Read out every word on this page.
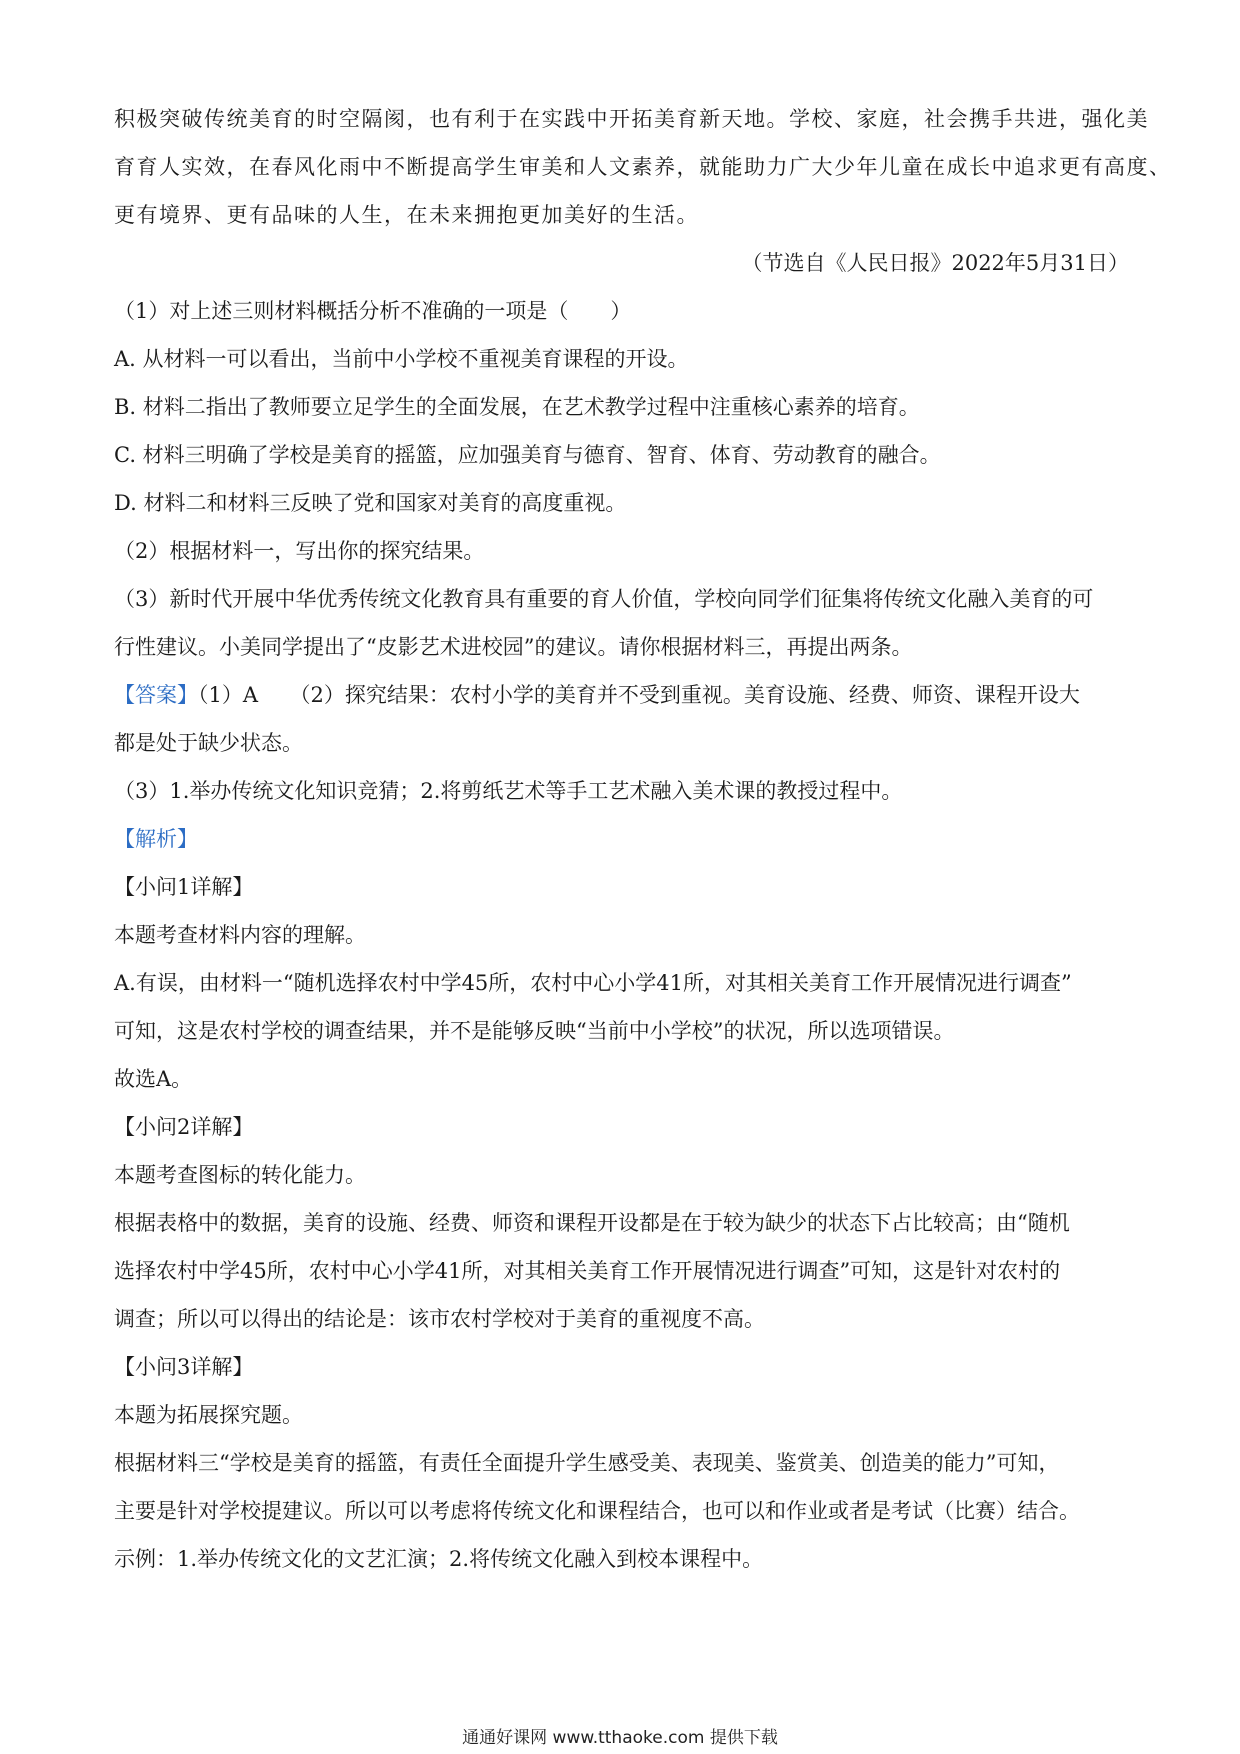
积极突破传统美育的时空隔阂，也有利于在实践中开拓美育新天地。学校、家庭，社会携手共进，强化美

育育人实效，在春风化雨中不断提高学生审美和人文素养，就能助力广大少年儿童在成长中追求更有高度、

更有境界、更有品味的人生，在未来拥抱更加美好的生活。

（节选自《人民日报》2022年5月31日）

（1）对上述三则材料概括分析不准确的一项是（　　）

A. 从材料一可以看出，当前中小学校不重视美育课程的开设。

B. 材料二指出了教师要立足学生的全面发展，在艺术教学过程中注重核心素养的培育。

C. 材料三明确了学校是美育的摇篮，应加强美育与德育、智育、体育、劳动教育的融合。

D. 材料二和材料三反映了党和国家对美育的高度重视。

（2）根据材料一，写出你的探究结果。

（3）新时代开展中华优秀传统文化教育具有重要的育人价值，学校向同学们征集将传统文化融入美育的可

行性建议。小美同学提出了“皮影艺术进校园”的建议。请你根据材料三，再提出两条。

【答案】（1）A　　（2）探究结果：农村小学的美育并不受到重视。美育设施、经费、师资、课程开设大

都是处于缺少状态。

（3）1.举办传统文化知识竞猜；2.将剪纸艺术等手工艺术融入美术课的教授过程中。

【解析】

【小问1详解】

本题考查材料内容的理解。

A.有误，由材料一“随机选择农村中学45所，农村中心小学41所，对其相关美育工作开展情况进行调查”

可知，这是农村学校的调查结果，并不是能够反映“当前中小学校”的状况，所以选项错误。

故选A。

【小问2详解】

本题考查图标的转化能力。

根据表格中的数据，美育的设施、经费、师资和课程开设都是在于较为缺少的状态下占比较高；由“随机

选择农村中学45所，农村中心小学41所，对其相关美育工作开展情况进行调查”可知，这是针对农村的

调查；所以可以得出的结论是：该市农村学校对于美育的重视度不高。

【小问3详解】

本题为拓展探究题。

根据材料三“学校是美育的摇篮，有责任全面提升学生感受美、表现美、鉴赏美、创造美的能力”可知，

主要是针对学校提建议。所以可以考虑将传统文化和课程结合，也可以和作业或者是考试（比赛）结合。

示例：1.举办传统文化的文艺汇演；2.将传统文化融入到校本课程中。

通通好课网 www.tthaoke.com 提供下载
